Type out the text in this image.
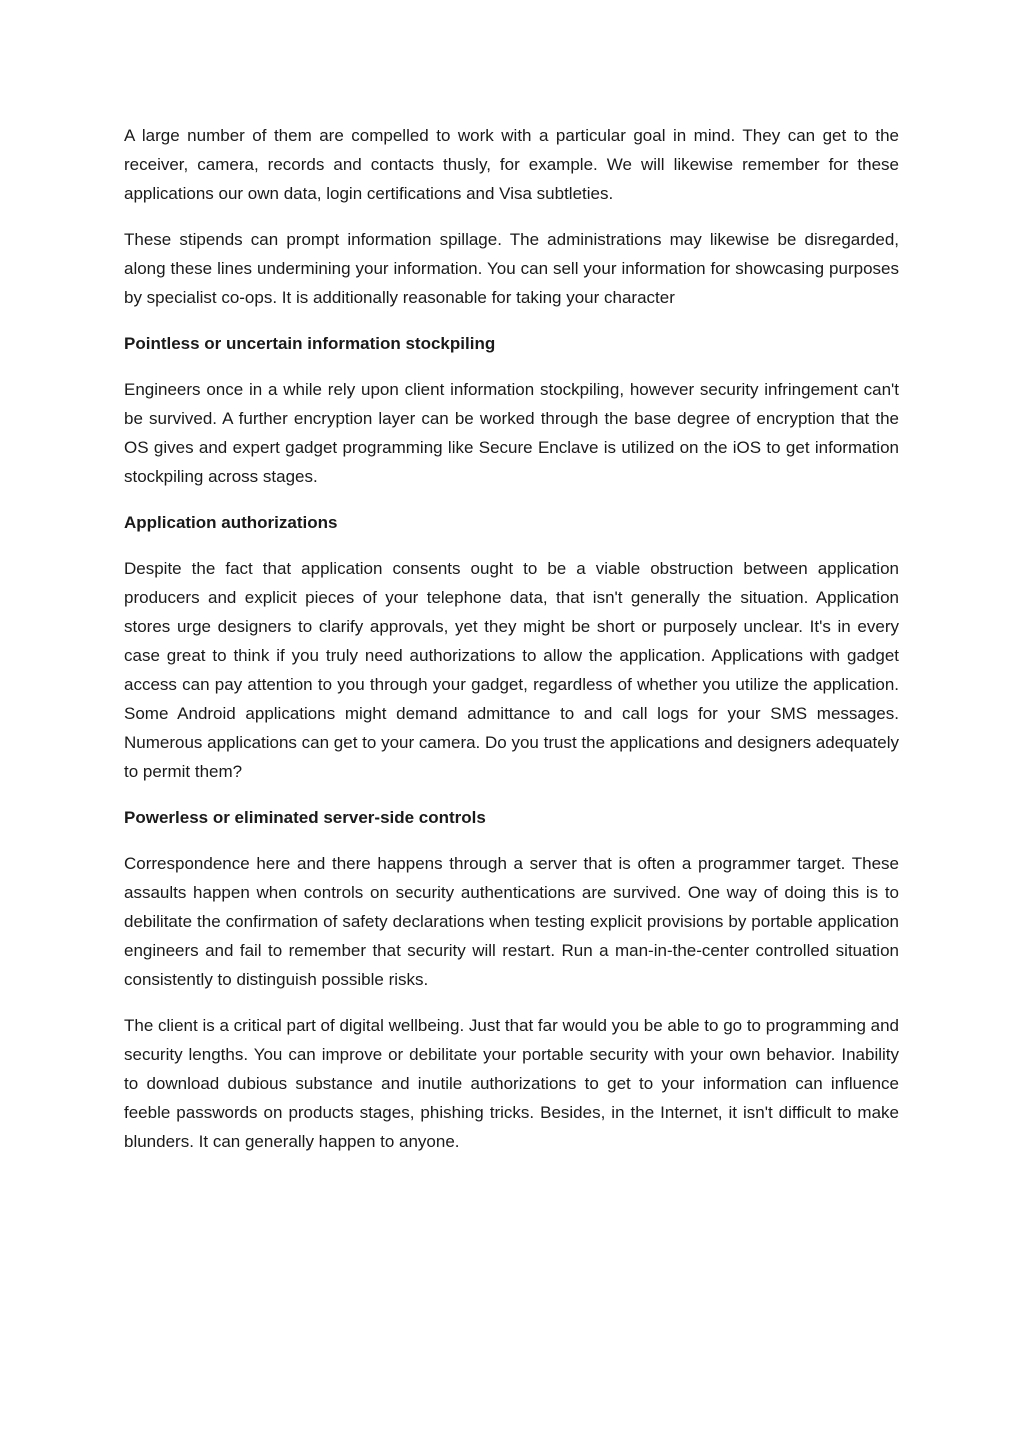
A large number of them are compelled to work with a particular goal in mind. They can get to the receiver, camera, records and contacts thusly, for example. We will likewise remember for these applications our own data, login certifications and Visa subtleties.

These stipends can prompt information spillage. The administrations may likewise be disregarded, along these lines undermining your information. You can sell your information for showcasing purposes by specialist co-ops. It is additionally reasonable for taking your character

Pointless or uncertain information stockpiling

Engineers once in a while rely upon client information stockpiling, however security infringement can't be survived. A further encryption layer can be worked through the base degree of encryption that the OS gives and expert gadget programming like Secure Enclave is utilized on the iOS to get information stockpiling across stages.

Application authorizations

Despite the fact that application consents ought to be a viable obstruction between application producers and explicit pieces of your telephone data, that isn't generally the situation. Application stores urge designers to clarify approvals, yet they might be short or purposely unclear. It's in every case great to think if you truly need authorizations to allow the application. Applications with gadget access can pay attention to you through your gadget, regardless of whether you utilize the application. Some Android applications might demand admittance to and call logs for your SMS messages. Numerous applications can get to your camera. Do you trust the applications and designers adequately to permit them?

Powerless or eliminated server-side controls

Correspondence here and there happens through a server that is often a programmer target. These assaults happen when controls on security authentications are survived. One way of doing this is to debilitate the confirmation of safety declarations when testing explicit provisions by portable application engineers and fail to remember that security will restart. Run a man-in-the-center controlled situation consistently to distinguish possible risks.

The client is a critical part of digital wellbeing. Just that far would you be able to go to programming and security lengths. You can improve or debilitate your portable security with your own behavior. Inability to download dubious substance and inutile authorizations to get to your information can influence feeble passwords on products stages, phishing tricks. Besides, in the Internet, it isn't difficult to make blunders. It can generally happen to anyone.
